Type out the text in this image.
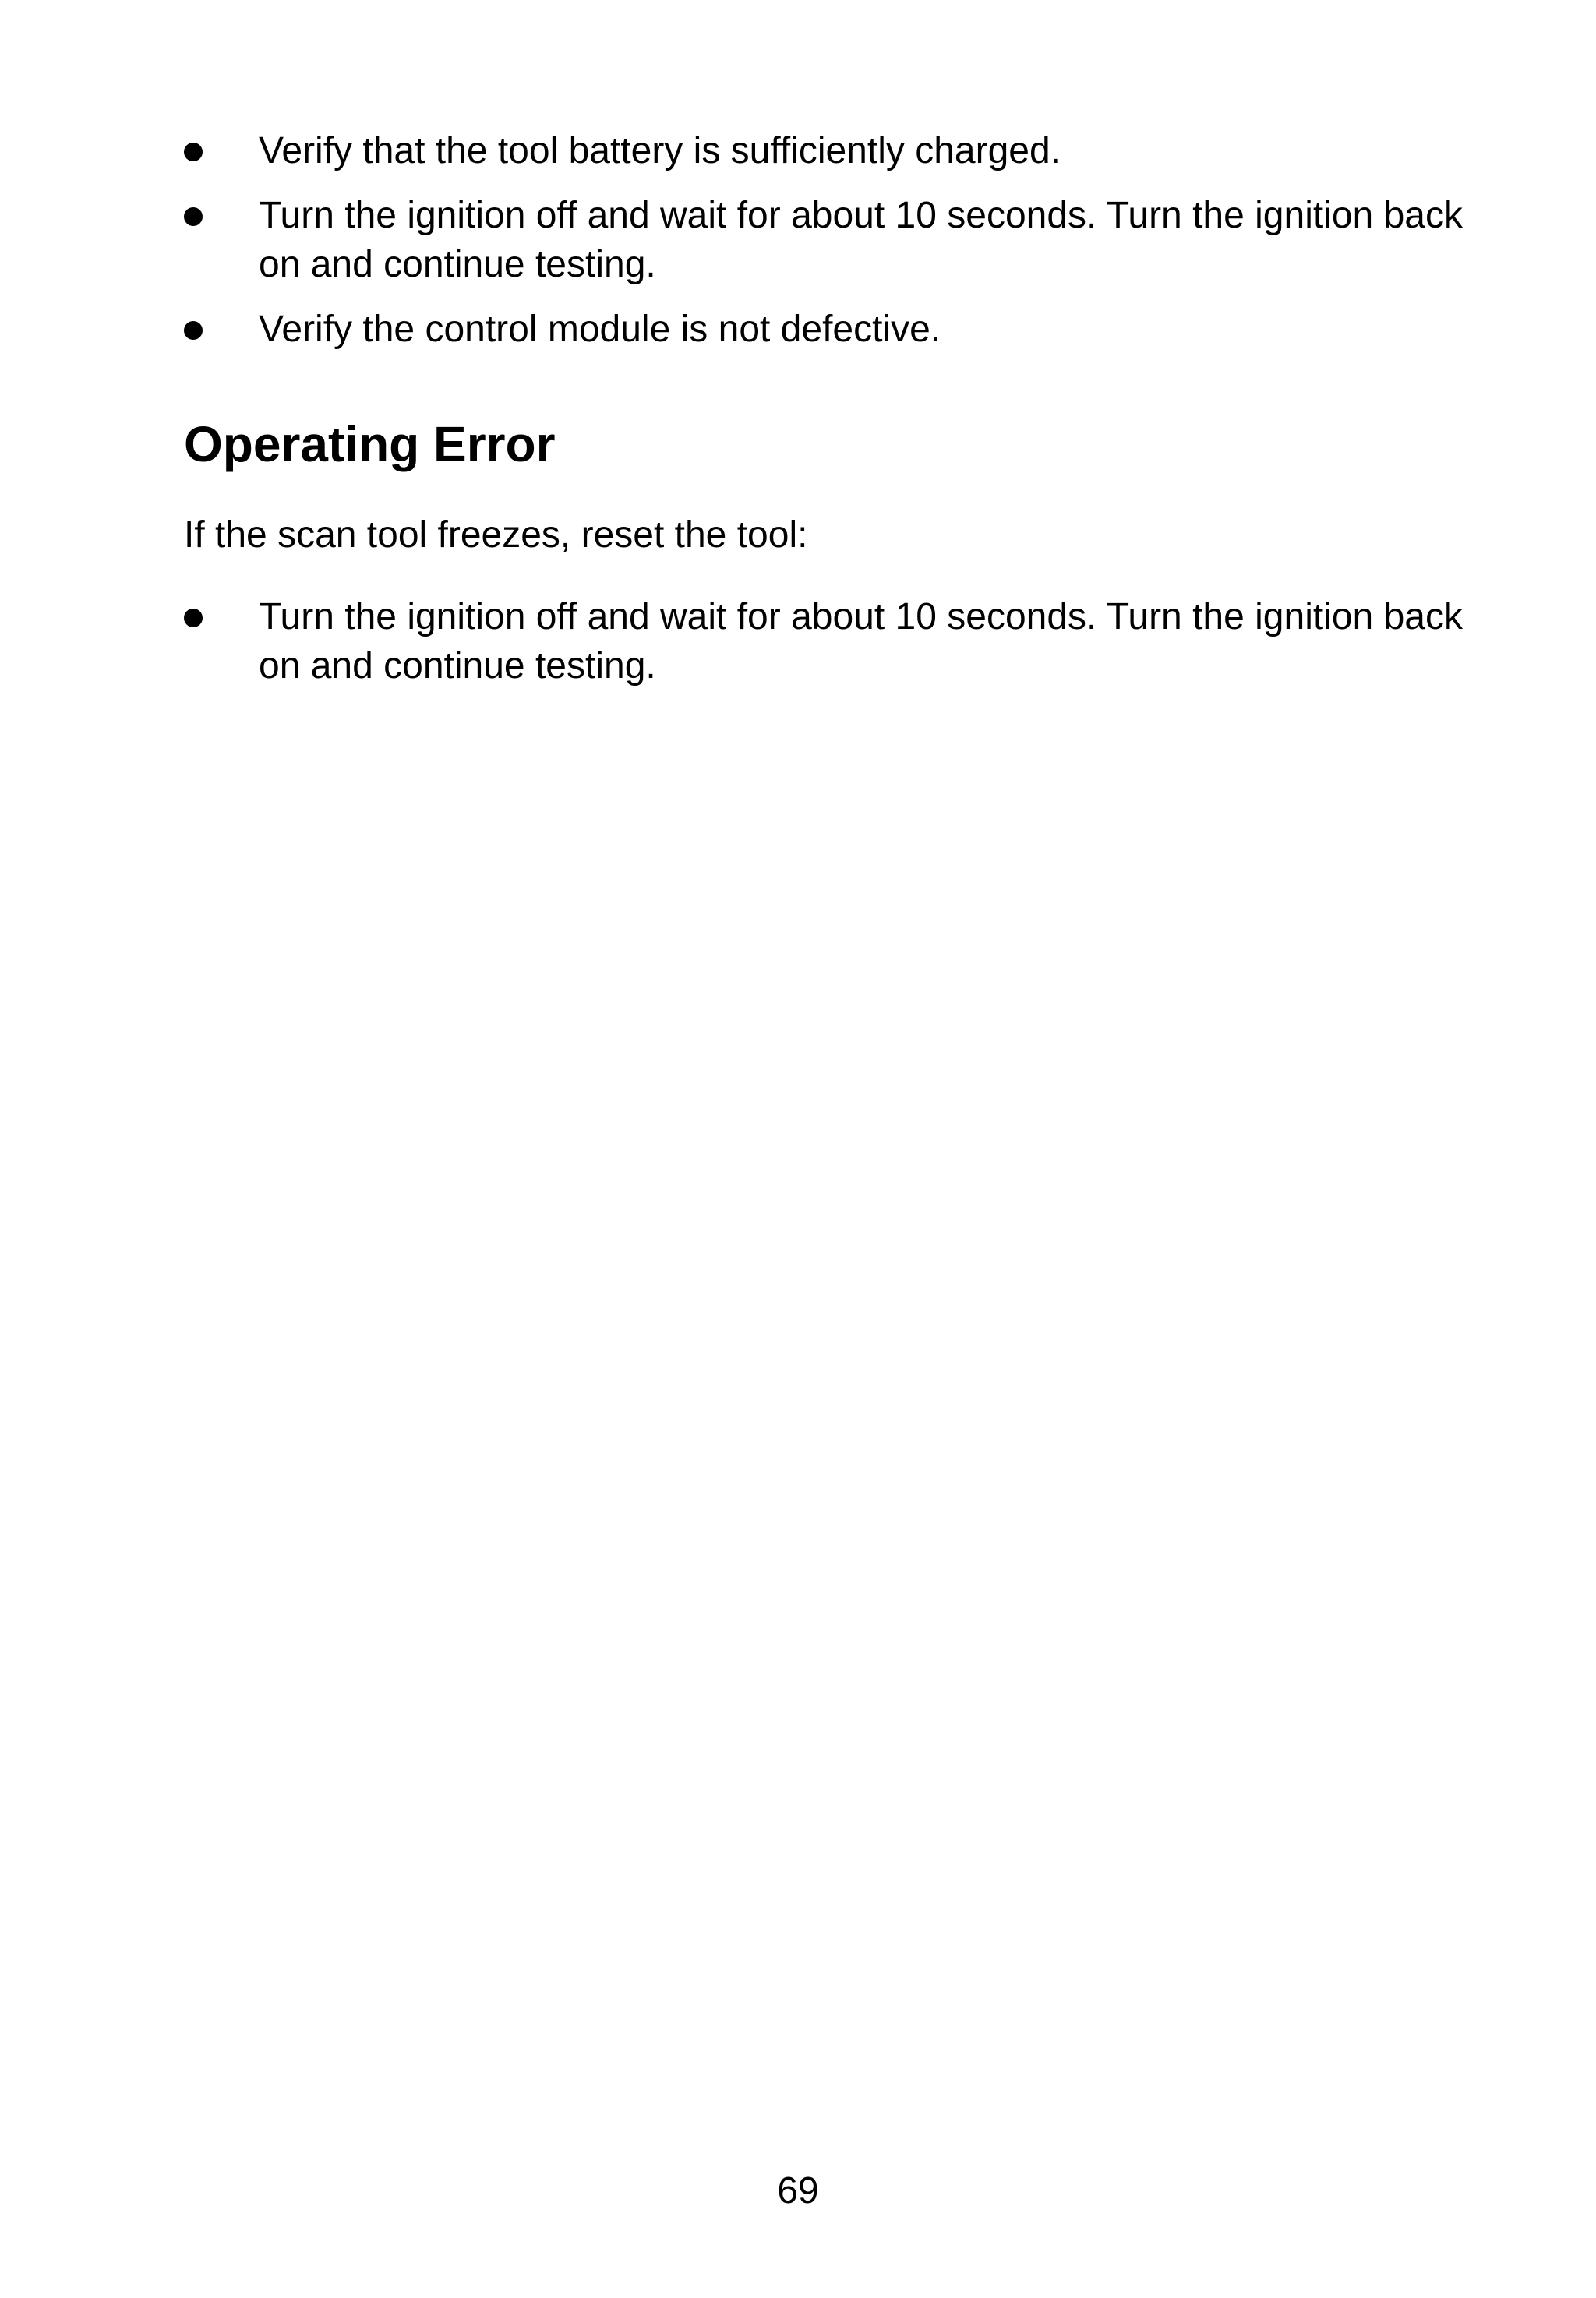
Verify that the tool battery is sufficiently charged.
Turn the ignition off and wait for about 10 seconds. Turn the ignition back on and continue testing.
Verify the control module is not defective.
Operating Error

If the scan tool freezes, reset the tool:

Turn the ignition off and wait for about 10 seconds. Turn the ignition back on and continue testing.
69
